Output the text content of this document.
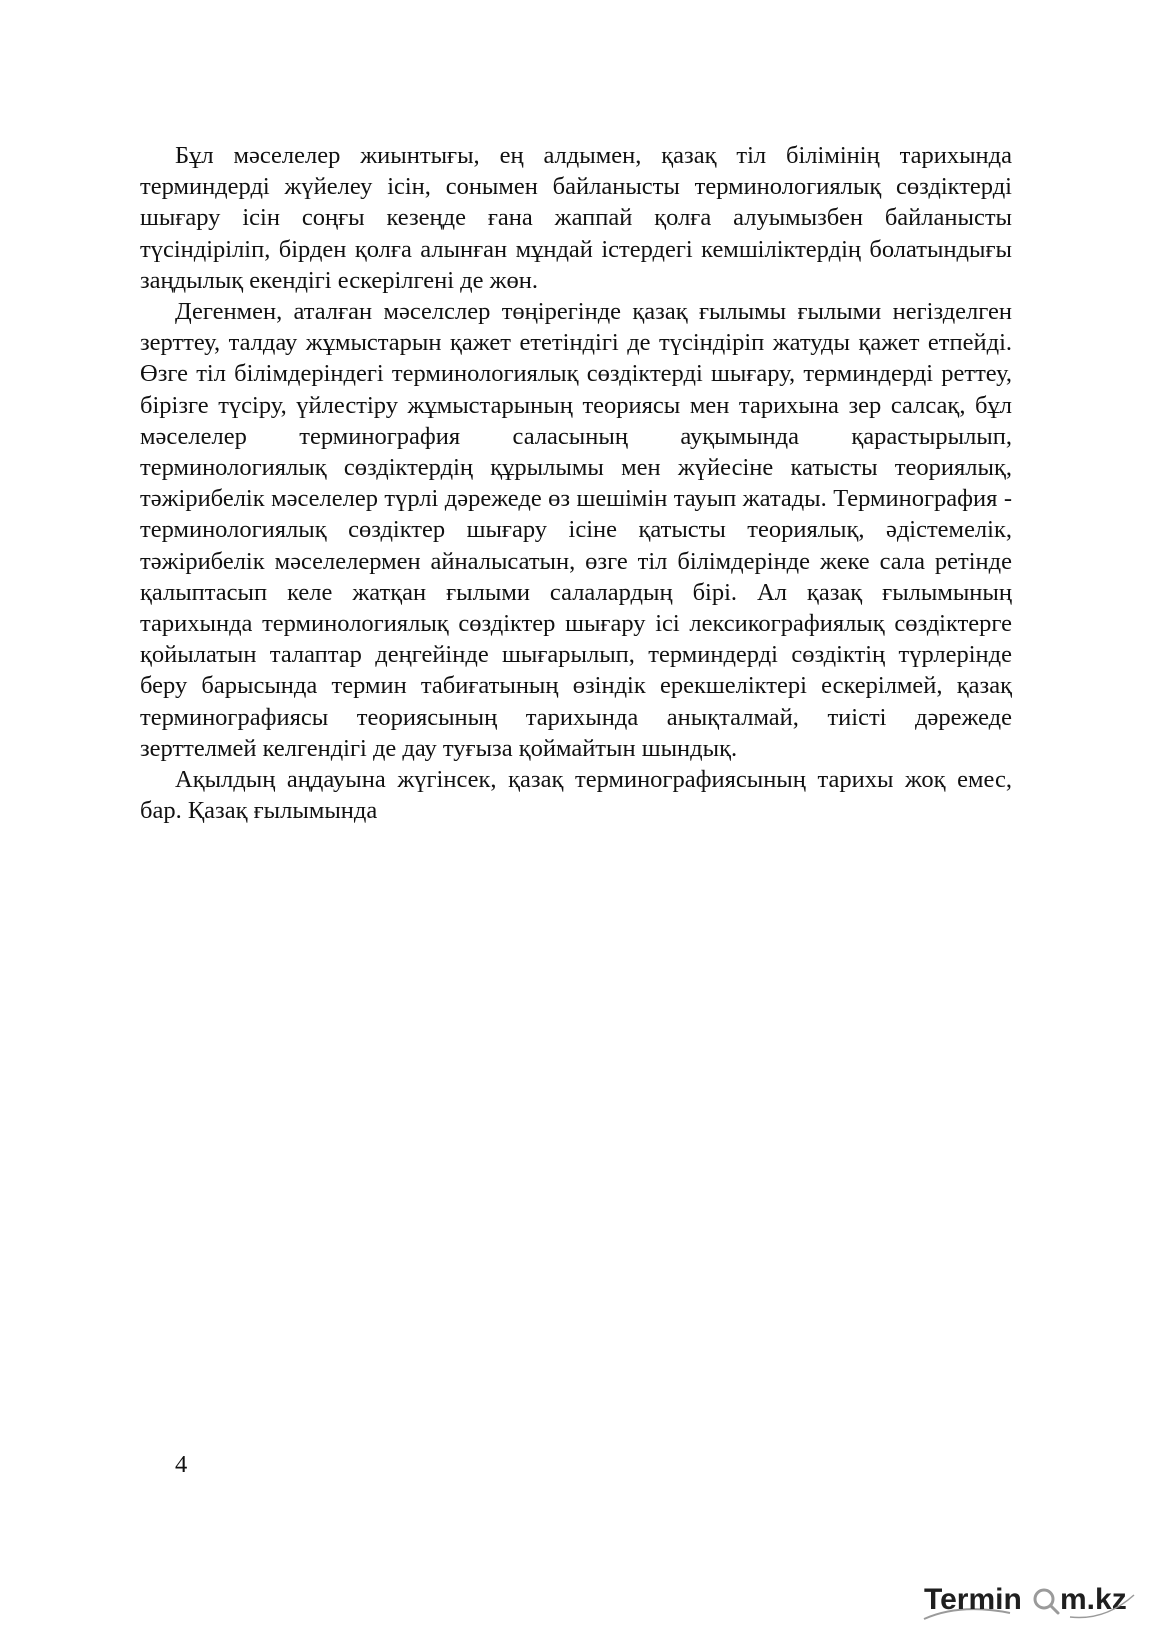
Бұл мәселелер жиынтығы, ең алдымен, қазақ тіл білімінің тарихында терминдерді жүйелеу ісін, сонымен байланысты терминологиялық сөздіктерді шығару ісін соңғы кезеңде ғана жаппай қолға алуымызбен байланысты түсіндіріліп, бірден қолға алынған мұндай істердегі кемшіліктердің болатындығы заңдылық екендігі ескерілгені де жөн.

Дегенмен, аталған мәселслер төңірегінде қазақ ғылымы ғылыми негізделген зерттеу, талдау жұмыстарын қажет ететіндігі де түсіндіріп жатуды қажет етпейді. Өзге тіл білімдеріндегі терминологиялық сөздіктерді шығару, терминдерді реттеу, бірізге түсіру, үйлестіру жұмыстарының теориясы мен тарихына зер салсақ, бұл мәселелер терминография саласының ауқымында қарастырылып, терминологиялық сөздіктердің құрылымы мен жүйесіне катысты теориялық, тәжірибелік мәселелер түрлі дәрежеде өз шешімін тауып жатады. Терминография - терминологиялық сөздіктер шығару ісіне қатысты теориялық, әдістемелік, тәжірибелік мәселелермен айналысатын, өзге тіл білімдерінде жеке сала ретінде қалыптасып келе жатқан ғылыми салалардың бірі. Ал қазақ ғылымының тарихында терминологиялық сөздіктер шығару ісі лексикографиялық сөздіктерге қойылатын талаптар деңгейінде шығарылып, терминдерді сөздіктің түрлерінде беру барысында термин табиғатының өзіндік ерекшеліктері ескерілмей, қазақ терминографиясы теориясының тарихында анықталмай, тиісті дәрежеде зерттелмей келгендігі де дау туғыза қоймайтын шындық.

Ақылдың аңдауына жүгінсек, қазақ терминографиясының тарихы жоқ емес, бар. Қазақ ғылымында

4
Termin m.kz
